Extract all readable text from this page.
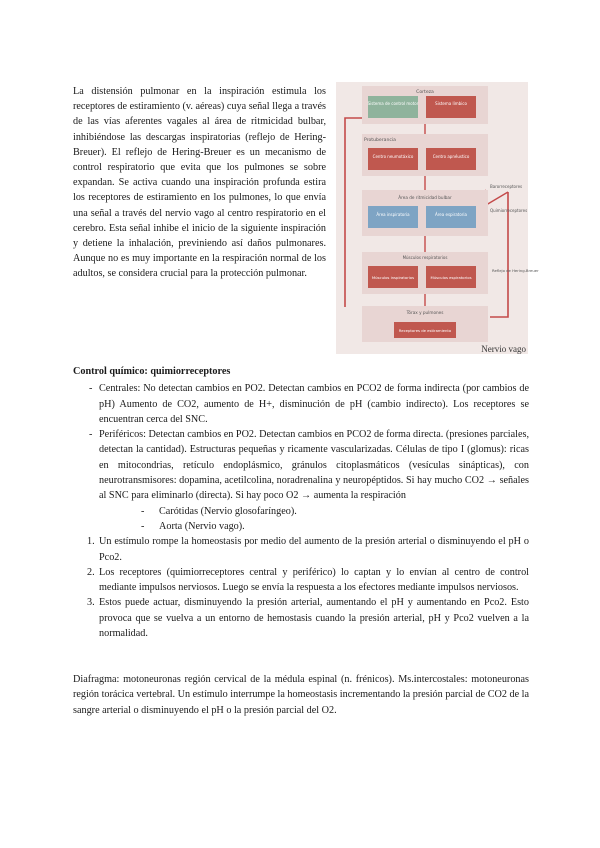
La distensión pulmonar en la inspiración estimula los receptores de estiramiento (v. aéreas) cuya señal llega a través de las vías aferentes vagales al área de ritmicidad bulbar, inhibiéndose las descargas inspiratorias (reflejo de Hering-Breuer). El reflejo de Hering-Breuer es un mecanismo de control respiratorio que evita que los pulmones se sobre expandan. Se activa cuando una inspiración profunda estira los receptores de estiramiento en los pulmones, lo que envía una señal a través del nervio vago al centro respiratorio en el cerebro. Esta señal inhibe el inicio de la siguiente inspiración y detiene la inhalación, previniendo así daños pulmonares. Aunque no es muy importante en la respiración normal de los adultos, se considera crucial para la protección pulmonar.

Corteza
Sistema de control motor	Sistema límbico
Protuberancia
Centro neumotáxico	Centro apnéustico
Área de ritmicidad bulbar
Área inspiratoria	Área espiratoria
Músculos respiratorios
Músculos inspiratorios	Músculos espiratorios
Tórax y pulmones
Receptores de estiramiento
Barorreceptores
Quimiorreceptores
Reflejo de Hering-Breuer
Nervio vago

Control químico: quimiorreceptores

- Centrales: No detectan cambios en PO2. Detectan cambios en PCO2 de forma indirecta (por cambios de pH) Aumento de CO2, aumento de H+, disminución de pH (cambio indirecto). Los receptores se encuentran cerca del SNC.
- Periféricos: Detectan cambios en PO2. Detectan cambios en PCO2 de forma directa. (presiones parciales, detectan la cantidad). Estructuras pequeñas y ricamente vascularizadas. Células de tipo I (glomus): ricas en mitocondrias, retículo endoplásmico, gránulos citoplasmáticos (vesículas sinápticas), con neurotransmisores: dopamina, acetilcolina, noradrenalina y neuropéptidos. Si hay mucho CO2 → señales al SNC para eliminarlo (directa). Si hay poco O2 → aumenta la respiración
- Carótidas (Nervio glosofaríngeo).
- Aorta (Nervio vago).
1. Un estímulo rompe la homeostasis por medio del aumento de la presión arterial o disminuyendo el pH o Pco2.
2. Los receptores (quimiorreceptores central y periférico) lo captan y lo envían al centro de control mediante impulsos nerviosos. Luego se envía la respuesta a los efectores mediante impulsos nerviosos.
3. Estos puede actuar, disminuyendo la presión arterial, aumentando el pH y aumentando en Pco2. Esto provoca que se vuelva a un entorno de hemostasis cuando la presión arterial, pH y Pco2 vuelven a la normalidad.

Diafragma: motoneuronas región cervical de la médula espinal (n. frénicos). Ms.intercostales: motoneuronas región torácica vertebral. Un estímulo interrumpe la homeostasis incrementando la presión parcial de CO2 de la sangre arterial o disminuyendo el pH o la presión parcial del O2.
